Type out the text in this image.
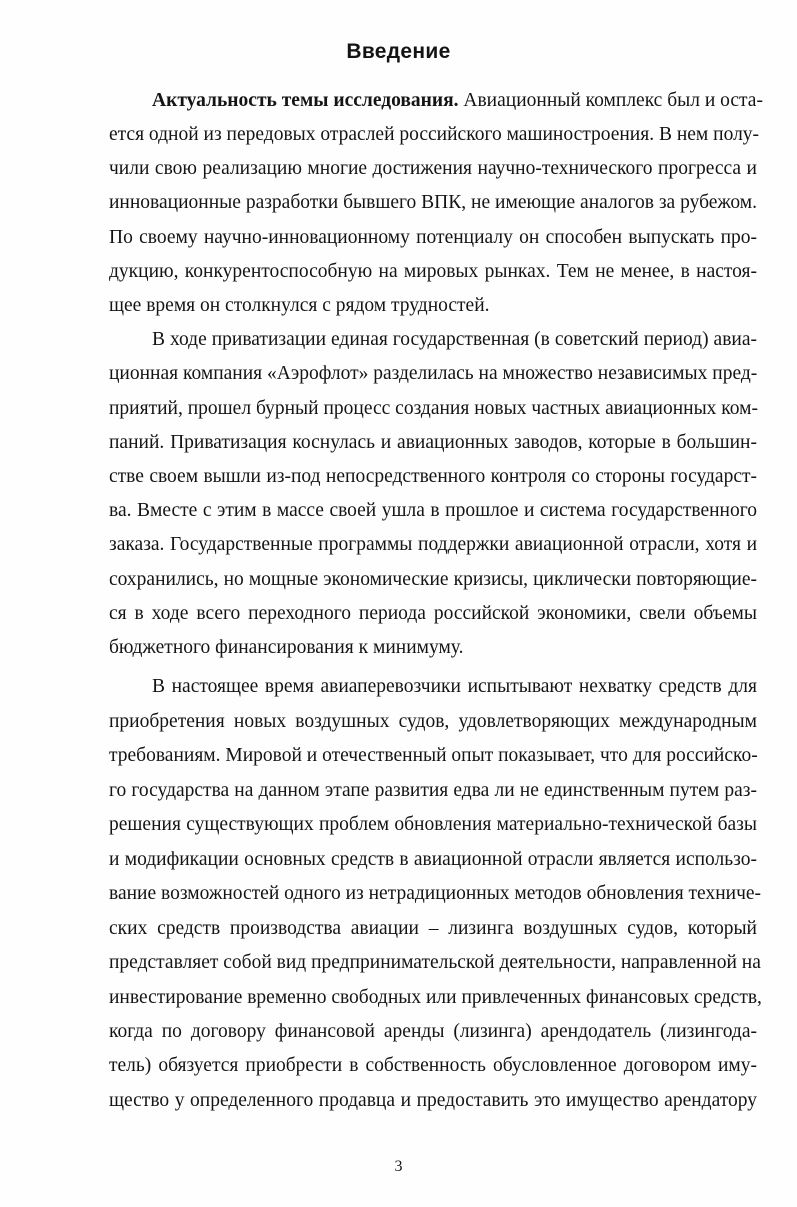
Введение

Актуальность темы исследования. Авиационный комплекс был и оста-

ется одной из передовых отраслей российского машиностроения. В нем полу-

чили свою реализацию многие достижения научно-технического прогресса и

инновационные разработки бывшего ВПК, не имеющие аналогов за рубежом.

По своему научно-инновационному потенциалу он способен выпускать про-

дукцию, конкурентоспособную на мировых рынках. Тем не менее, в настоя-

щее время он столкнулся с рядом трудностей.

В ходе приватизации единая государственная (в советский период) авиа-

ционная компания «Аэрофлот» разделилась на множество независимых пред-

приятий, прошел бурный процесс создания новых частных авиационных ком-

паний. Приватизация коснулась и авиационных заводов, которые в большин-

стве своем вышли из-под непосредственного контроля со стороны государст-

ва. Вместе с этим в массе своей ушла в прошлое и система государственного

заказа. Государственные программы поддержки авиационной отрасли, хотя и

сохранились, но мощные экономические кризисы, циклически повторяющие-

ся в ходе всего переходного периода российской экономики, свели объемы

бюджетного финансирования к минимуму.

В настоящее время авиаперевозчики испытывают нехватку средств для

приобретения новых воздушных судов, удовлетворяющих международным

требованиям. Мировой и отечественный опыт показывает, что для российско-

го государства на данном этапе развития едва ли не единственным путем раз-

решения существующих проблем обновления материально-технической базы

и модификации основных средств в авиационной отрасли является использо-

вание возможностей одного из нетрадиционных методов обновления техниче-

ских средств производства авиации – лизинга воздушных судов, который

представляет собой вид предпринимательской деятельности, направленной на

инвестирование временно свободных или привлеченных финансовых средств,

когда по договору финансовой аренды (лизинга) арендодатель (лизингода-

тель) обязуется приобрести в собственность обусловленное договором иму-

щество у определенного продавца и предоставить это имущество арендатору

3
